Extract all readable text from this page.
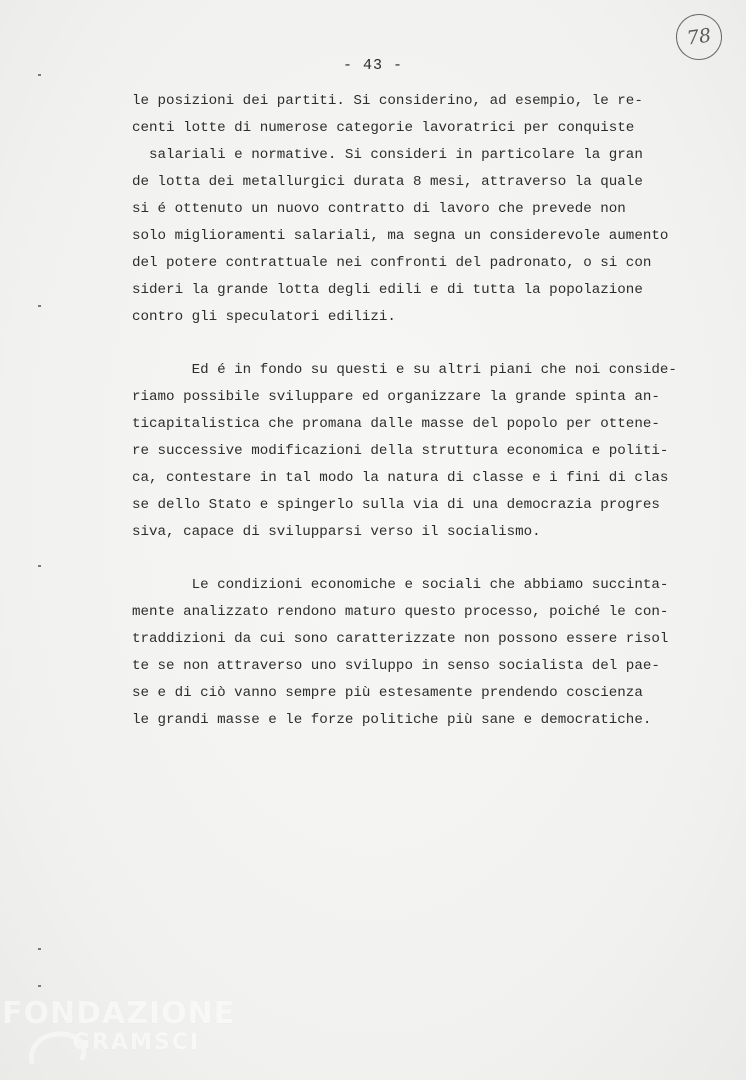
- 43 -
78
le posizioni dei partiti. Si considerino, ad esempio, le re-
centi lotte di numerose categorie lavoratrici per conquiste
salariali e normative. Si consideri in particolare la gran
de lotta dei metallurgici durata 8 mesi, attraverso la quale
si é ottenuto un nuovo contratto di lavoro che prevede non
solo miglioramenti salariali, ma segna un considerevole aumento
del potere contrattuale nei confronti del padronato, o si con
sideri la grande lotta degli edili e di tutta la popolazione
contro gli speculatori edilizi.
Ed é in fondo su questi e su altri piani che noi conside-
riamo possibile sviluppare ed organizzare la grande spinta an-
ticapitalistica che promana dalle masse del popolo per ottene-
re successive modificazioni della struttura economica e politi-
ca, contestare in tal modo la natura di classe e i fini di clas
se dello Stato e spingerlo sulla via di una democrazia progres
siva, capace di svilupparsi verso il socialismo.
Le condizioni economiche e sociali che abbiamo succinta-
mente analizzato rendono maturo questo processo, poiché le con-
traddizioni da cui sono caratterizzate non possono essere risol
te se non attraverso uno sviluppo in senso socialista del pae-
se e di ciò vanno sempre più estesamente prendendo coscienza
le grandi masse e le forze politiche più sane e democratiche.
FONDAZIONE
GRAMSCI
